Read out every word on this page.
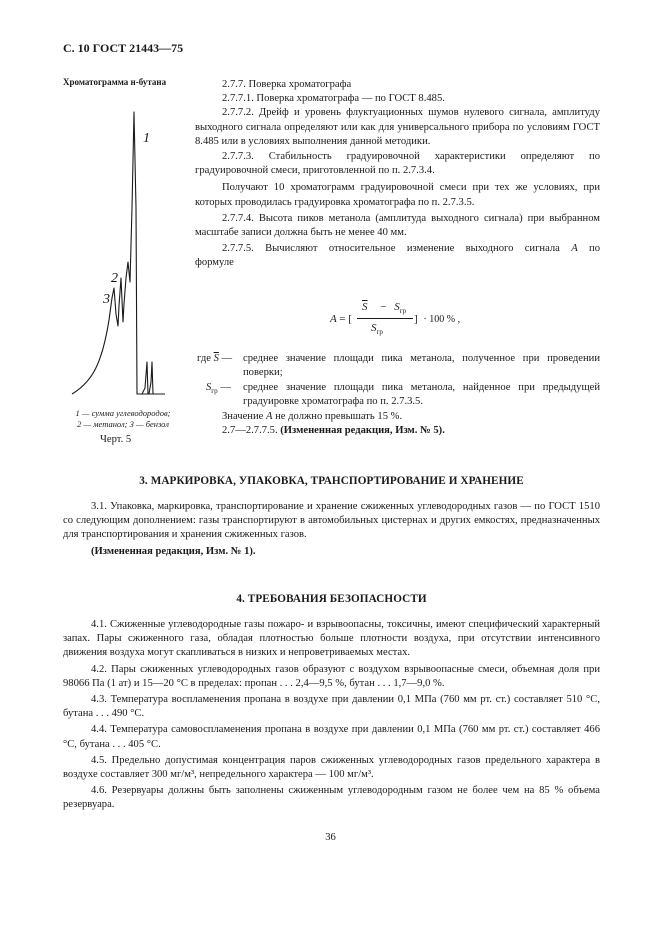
С. 10 ГОСТ 21443—75
Хроматограмма н-бутана
1
2
3
1 — сумма углеводородов;
2 — метанол; 3 — бензол
Черт. 5

2.7.7. Поверка хроматографа

2.7.7.1. Поверка хроматографа — по ГОСТ 8.485.

2.7.7.2. Дрейф и уровень флуктуационных шумов нулевого сигнала, амплитуду выходного сигнала определяют или как для универсального прибора по условиям ГОСТ 8.485 или в условиях выполнения данной методики.

2.7.7.3. Стабильность градуировочной характеристики определяют по градуировочной смеси, приготовленной по п. 2.7.3.4.

Получают 10 хроматограмм градуировочной смеси при тех же условиях, при которых проводилась градуировка хроматографа по п. 2.7.3.5.

2.7.7.4. Высота пиков метанола (амплитуда выходного сигнала) при выбранном масштабе записи должна быть не менее 40 мм.

2.7.7.5. Вычисляют относительное изменение выходного сигнала A по

формуле

A = [
$\overline{S} - S_{гр}$
$S_{гр}$
] · 100 % ,
где $\overline{S}$ — среднее значение площади пика метанола, полученное при проведении поверки;
$S_{гр}$ — среднее значение площади пика метанола, найденное при предыдущей градуировке хроматографа по п. 2.7.3.5.
Значение A не должно превышать 15 %.
2.7—2.7.7.5. (Измененная редакция, Изм. № 5).
3. МАРКИРОВКА, УПАКОВКА, ТРАНСПОРТИРОВАНИЕ И ХРАНЕНИЕ

3.1. Упаковка, маркировка, транспортирование и хранение сжиженных углеводородных газов — по ГОСТ 1510 со следующим дополнением: газы транспортируют в автомобильных цистернах и других емкостях, предназначенных для транспортирования и хранения сжиженных газов.

(Измененная редакция, Изм. № 1).

4. ТРЕБОВАНИЯ БЕЗОПАСНОСТИ

4.1. Сжиженные углеводородные газы пожаро- и взрывоопасны, токсичны, имеют специфический характерный запах. Пары сжиженного газа, обладая плотностью больше плотности воздуха, при отсутствии интенсивного движения воздуха могут скапливаться в низких и непроветриваемых местах.

4.2. Пары сжиженных углеводородных газов образуют с воздухом взрывоопасные смеси, объемная доля при 98066 Па (1 ат) и 15—20 °С в пределах: пропан . . . 2,4—9,5 %, бутан . . . 1,7—9,0 %.

4.3. Температура воспламенения пропана в воздухе при давлении 0,1 МПа (760 мм рт. ст.) составляет 510 °С, бутана . . . 490 °С.

4.4. Температура самовоспламенения пропана в воздухе при давлении 0,1 МПа (760 мм рт. ст.) составляет 466 °С, бутана . . . 405 °С.

4.5. Предельно допустимая концентрация паров сжиженных углеводородных газов предельного характера в воздухе составляет 300 мг/м³, непредельного характера — 100 мг/м³.

4.6. Резервуары должны быть заполнены сжиженным углеводородным газом не более чем на 85 % объема резервуара.

36
